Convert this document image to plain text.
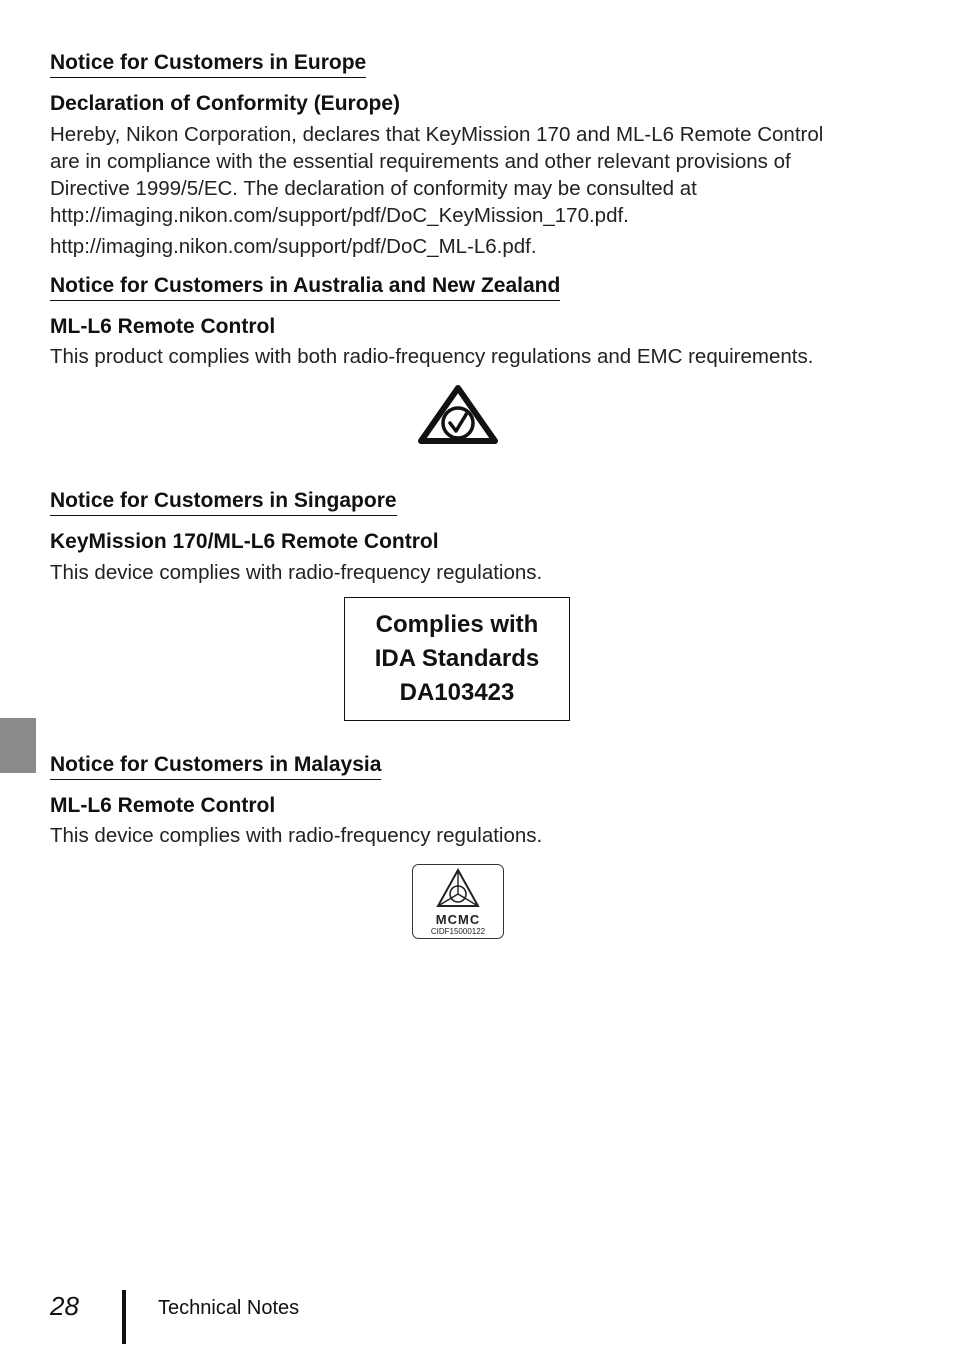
Notice for Customers in Europe
Declaration of Conformity (Europe)

Hereby, Nikon Corporation, declares that KeyMission 170 and ML-L6 Remote Control
are in compliance with the essential requirements and other relevant provisions of
Directive 1999/5/EC. The declaration of conformity may be consulted at
http://imaging.nikon.com/support/pdf/DoC_KeyMission_170.pdf.

http://imaging.nikon.com/support/pdf/DoC_ML-L6.pdf.

Notice for Customers in Australia and New Zealand
ML-L6 Remote Control

This product complies with both radio-frequency regulations and EMC requirements.

Notice for Customers in Singapore
KeyMission 170/ML-L6 Remote Control

This device complies with radio-frequency regulations.

Complies with
IDA Standards
DA103423
Notice for Customers in Malaysia
ML-L6 Remote Control

This device complies with radio-frequency regulations.

MCMC
CIDF15000122
28	Technical Notes
